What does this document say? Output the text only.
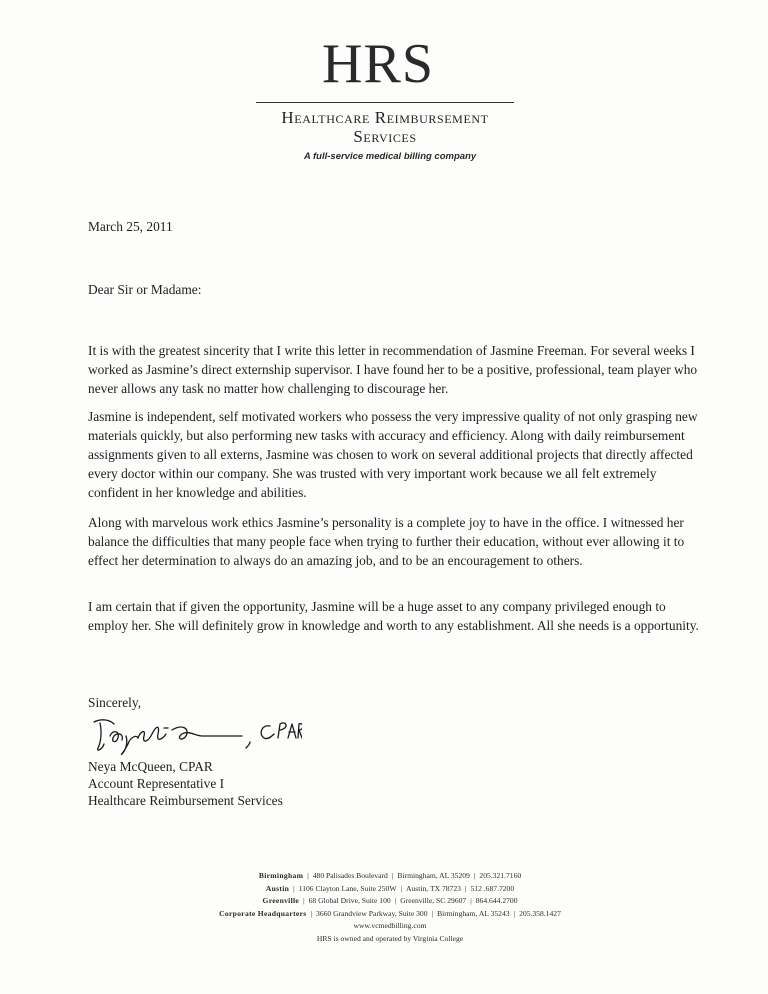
HRS
Healthcare Reimbursement
Services
A full-service medical billing company
March 25, 2011
Dear Sir or Madame:
It is with the greatest sincerity that I write this letter in recommendation of Jasmine Freeman. For several weeks I worked as Jasmine’s direct externship supervisor. I have found her to be a positive, professional, team player who never allows any task no matter how challenging to discourage her.
Jasmine is independent, self motivated workers who possess the very impressive quality of not only grasping new materials quickly, but also performing new tasks with accuracy and efficiency. Along with daily reimbursement assignments given to all externs, Jasmine was chosen to work on several additional projects that directly affected every doctor within our company. She was trusted with very important work because we all felt extremely confident in her knowledge and abilities.
Along with marvelous work ethics Jasmine’s personality is a complete joy to have in the office. I witnessed her balance the difficulties that many people face when trying to further their education, without ever allowing it to effect her determination to always do an amazing job, and to be an encouragement to others.
I am certain that if given the opportunity, Jasmine will be a huge asset to any company privileged enough to employ her. She will definitely grow in knowledge and worth to any establishment. All she needs is a opportunity.
Sincerely,
Neya McQueen, CPAR
Account Representative I
Healthcare Reimbursement Services
Birmingham | 480 Palisades Boulevard | Birmingham, AL 35209 | 205.321.7160
Austin | 1106 Clayton Lane, Suite 250W | Austin, TX 78723 | 512 .687.7200
Greenville | 68 Global Drive, Suite 100 | Greenville, SC 29607 | 864.644.2700
Corporate Headquarters | 3660 Grandview Parkway, Suite 300 | Birmingham, AL 35243 | 205.358.1427
www.vcmedbilling.com
HRS is owned and operated by Virginia College
